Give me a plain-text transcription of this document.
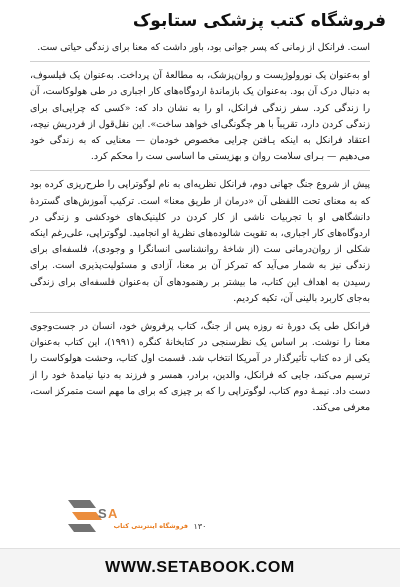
فروشگاه کتب پزشکی ستابوک

است. فرانکل از زمانی که پسر جوانی بود، باور داشت که معنا برای زندگی حیاتی ست.

او به‌عنوان یک نورولوژیست و روان‌پزشک، به مطالعهٔ آن پرداخت. به‌عنوان یک فیلسوف، به دنبال درک آن بود. به‌عنوان یک بازماندهٔ اردوگاه‌های کار اجباری در طی هولوکاست، آن را زندگی کرد. سفر زندگی فرانکل، او را به نشان داد که: «کسی که چرایی‌ای برای زندگی کردن دارد، تقریباً با هر چگونگی‌ای خواهد ساخت». این نقل‌قول از فردریش نیچه، اعتقاد فرانکل به اینکه یـافتن چرایی مخصوص خودمان — معنایی که به زندگی خود می‌دهیم — بـرای سلامت روان و بهزیستی ما اساسی ست را محکم کرد.

پیش از شروع جنگ جهانی دوم، فرانکل نظریه‌ای به نام لوگوتراپی را طرح‌ریزی کرده بود که به معنای تحت اللفظی آن «درمان از طریق معنا» است. ترکیب آموزش‌های گستردهٔ دانشگاهی او با تجربیات ناشی از کار کردن در کلینیک‌های خودکشی و زندگی در اردوگاه‌های کار اجباری، به تقویت شالوده‌های نظریهٔ او انجامید. لوگوتراپی، علی‌رغم اینکه شکلی از روان‌درمانی ست (از شاخهٔ روانشناسی انسانگرا و وجودی)، فلسفه‌ای برای زندگی نیز به شمار می‌آید که تمرکز آن بر معنا، آزادی و مسئولیت‌پذیری است. برای رسیدن به اهداف این کتاب، ما بیشتر بر رهنمودهای آن به‌عنوان فلسفه‌ای برای زندگی به‌جای کاربرد بالینی آن، تکیه کردیم.

فرانکل طی یک دورهٔ نه روزه پس از جنگ، کتاب پرفروش خود، انسان در جست‌وجوی معنا را نوشت. بر اساس یک نظرسنجی در کتابخانهٔ کنگره (۱۹۹۱)، این کتاب به‌عنوان یکی از ده کتاب تأثیرگذار در آمریکا انتخاب شد. قسمت اول کتاب، وحشت هولوکاست را ترسیم می‌کند، جایی که فرانکل، والدین، برادر، همسر و فرزند به دنیا نیامدهٔ خود را از دست داد. نیمـهٔ دوم کتاب، لوگوتراپی را که بر چیزی که برای ما مهم است متمرکز است، معرفی می‌کند.

S A
فروشگاه اینترنتی کتاب ۱۳۰
WWW.SETABOOK.COM
